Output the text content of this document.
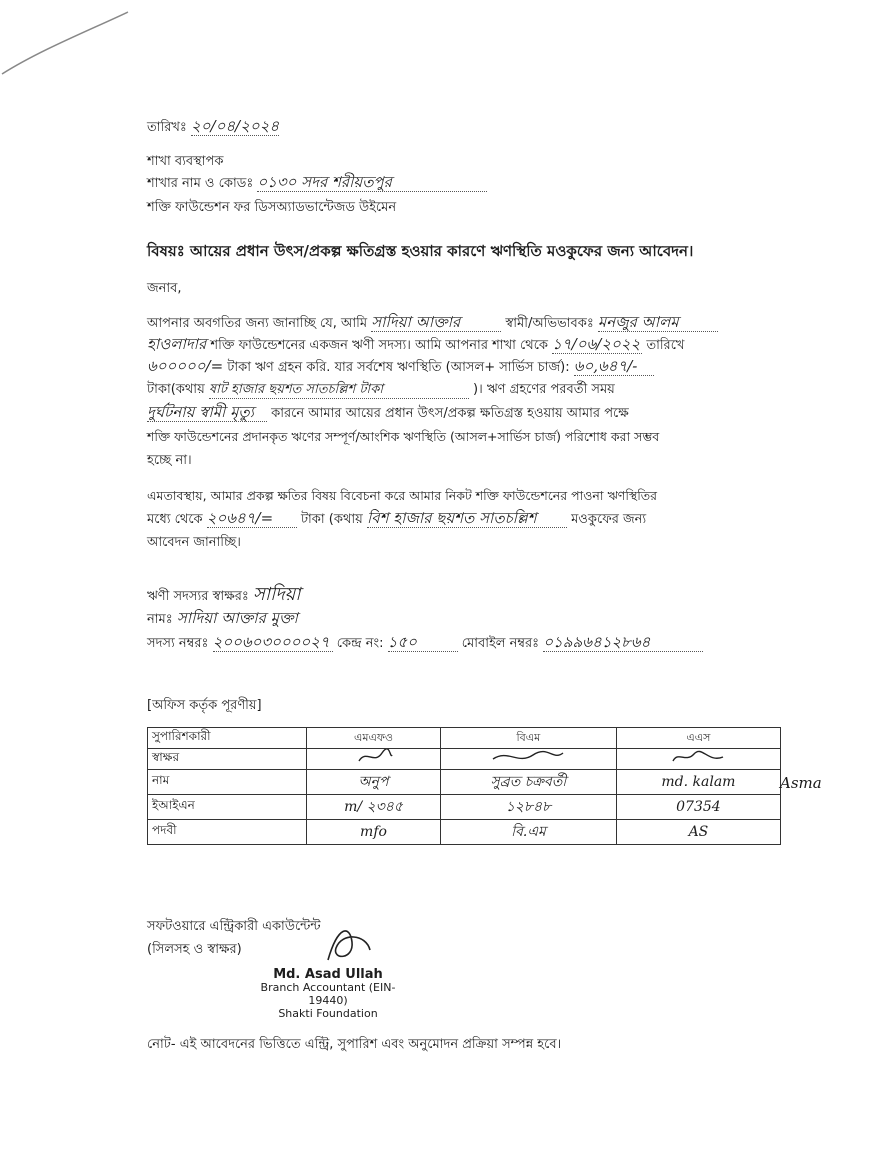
তারিখঃ ২০/০৪/২০২৪
শাখা ব্যবস্থাপক
শাখার নাম ও কোডঃ ০১৩০ সদর শরীয়তপুর
শক্তি ফাউন্ডেশন ফর ডিসঅ্যাডভান্টেজড উইমেন
বিষয়ঃ আয়ের প্রধান উৎস/প্রকল্প ক্ষতিগ্রস্ত হওয়ার কারণে ঋণস্থিতি মওকুফের জন্য আবেদন।
জনাব,
আপনার অবগতির জন্য জানাচ্ছি যে, আমি সাদিয়া আক্তার	স্বামী/অভিভাবকঃ মনজুর আলম
হাওলাদার শক্তি ফাউন্ডেশনের একজন ঋণী সদস্য। আমি আপনার শাখা থেকে ১৭/০৬/২০২২ তারিখে
৬০০০০০/= টাকা ঋণ গ্রহন করি. যার সর্বশেষ ঋণস্থিতি (আসল+ সার্ভিস চার্জ): ৬০,৬৪৭/-
টাকা(কথায় ষাট হাজার ছয়শত সাতচল্লিশ টাকা	)। ঋণ গ্রহণের পরবর্তী সময়
দুর্ঘটনায় স্বামী মৃত্যু কারনে আমার আয়ের প্রধান উৎস/প্রকল্প ক্ষতিগ্রস্ত হওয়ায় আমার পক্ষে
শক্তি ফাউন্ডেশনের প্রদানকৃত ঋণের সম্পূর্ণ/আংশিক ঋণস্থিতি (আসল+সার্ভিস চার্জ) পরিশোধ করা সম্ভব
হচ্ছে না।
এমতাবস্থায়, আমার প্রকল্প ক্ষতির বিষয় বিবেচনা করে আমার নিকট শক্তি ফাউন্ডেশনের পাওনা ঋণস্থিতির
মধ্যে থেকে ২০৬৪৭/= টাকা (কথায় বিশ হাজার ছয়শত সাতচল্লিশ	মওকুফের জন্য
আবেদন জানাচ্ছি।
ঋণী সদস্যর স্বাক্ষরঃ সাদিয়া
নামঃ সাদিয়া আক্তার মুক্তা
সদস্য নম্বরঃ ২০০৬০৩০০০০২৭ কেন্দ্র নং: ১৫০	মোবাইল নম্বরঃ ০১৯৯৬৪১২৮৬৪
[অফিস কর্তৃক পূরণীয়]
সুপারিশকারী	এমএফও	বিএম	এএস
স্বাক্ষর			
নাম	অনুপ	সুব্রত চক্রবর্তী	md. kalam
ইআইএন	m/ ২৩৪৫	১২৮৪৮	07354
পদবী	mfo	বি.এম	AS
Asma
সফটওয়ারে এন্ট্রিকারী একাউন্টেন্ট
(সিলসহ ও স্বাক্ষর)
Md. Asad Ullah
Branch Accountant (EIN- 19440)
Shakti Foundation
নোট- এই আবেদনের ভিত্তিতে এন্ট্রি, সুপারিশ এবং অনুমোদন প্রক্রিয়া সম্পন্ন হবে।
